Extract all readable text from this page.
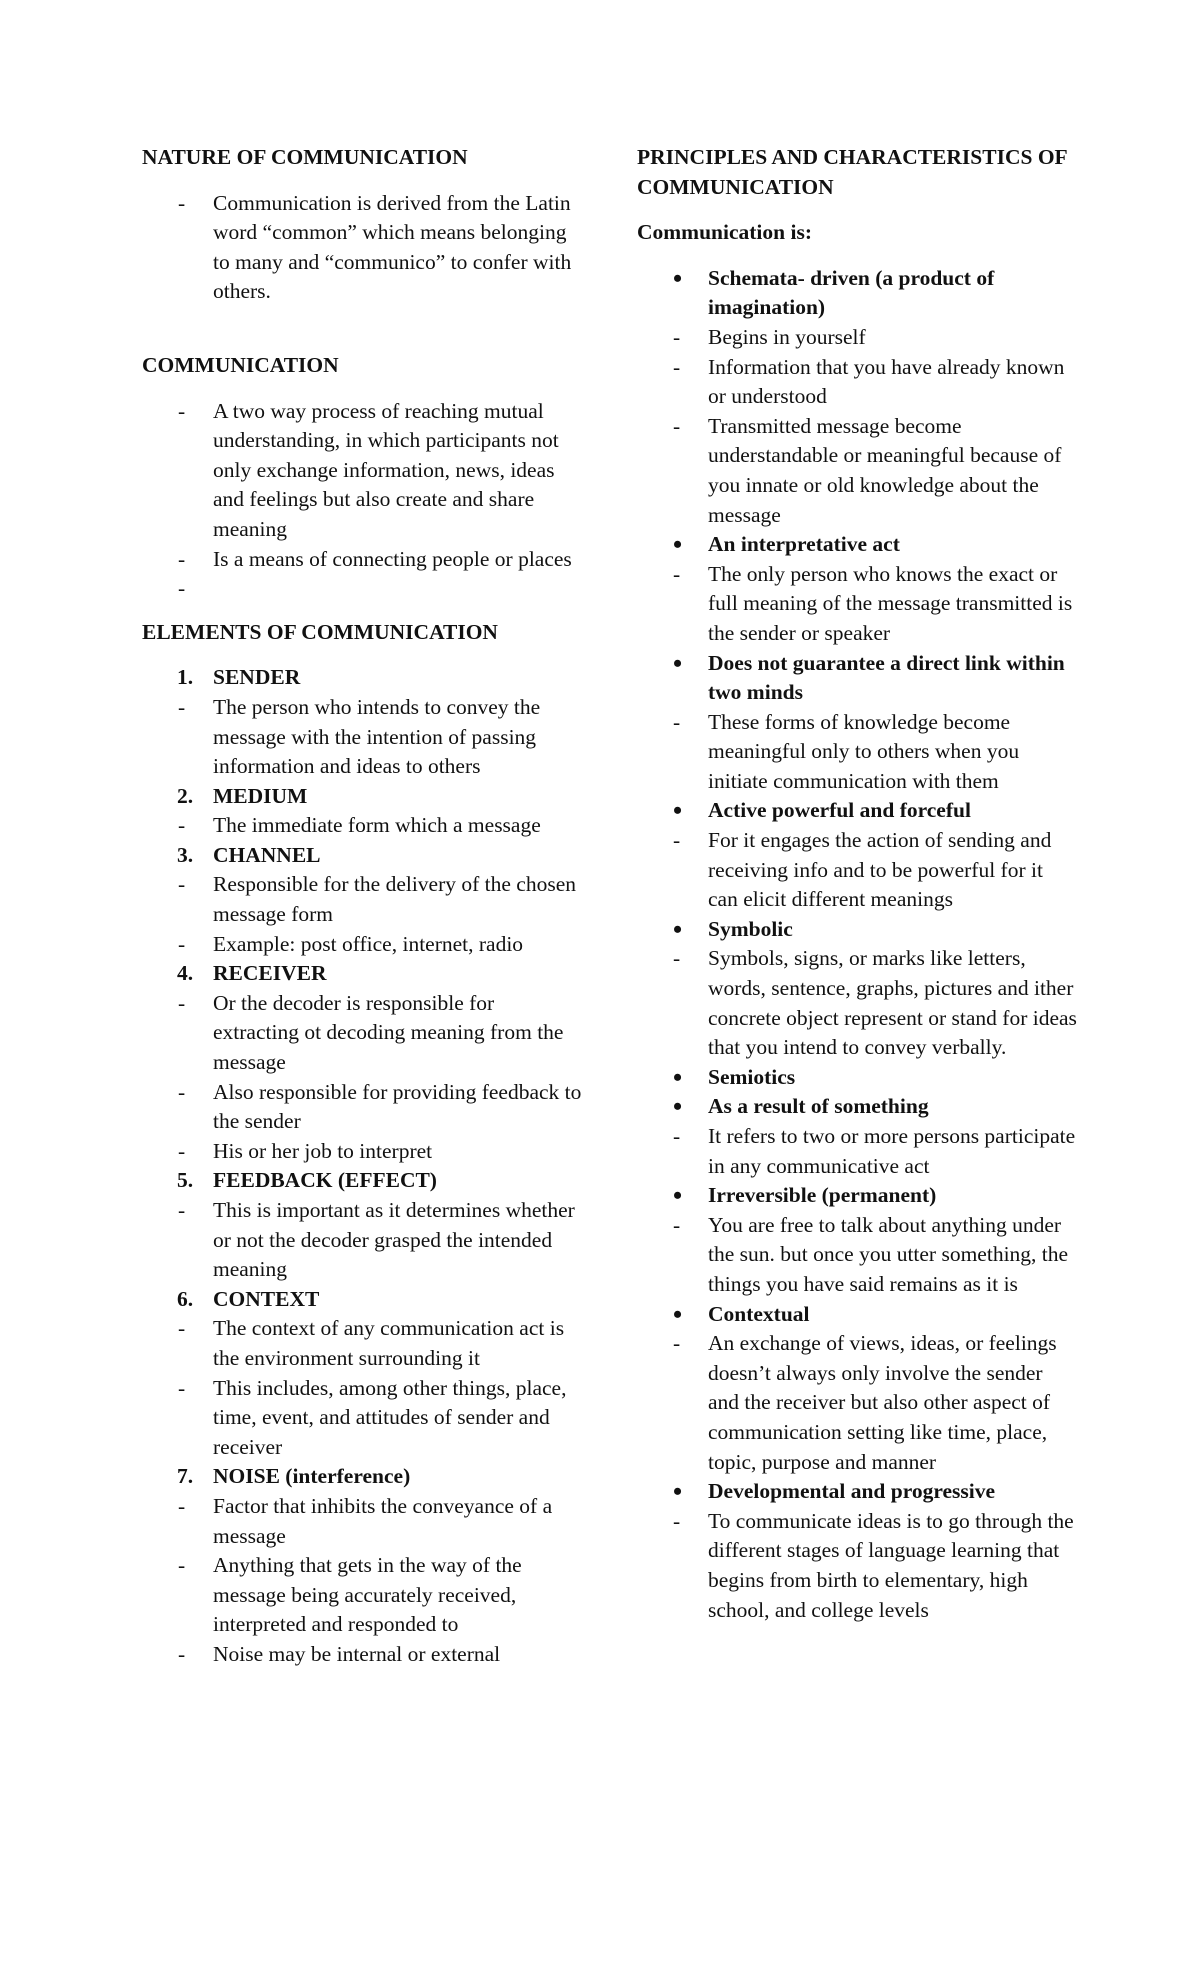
NATURE OF COMMUNICATION

-	Communication is derived from the Latin word “common” which means belonging to many and “communico” to confer with others.

COMMUNICATION

-	A two way process of reaching mutual understanding, in which participants not only exchange information, news, ideas and feelings but also create and share meaning
-	Is a means of connecting people or places
-

ELEMENTS OF COMMUNICATION

1. SENDER
-	The person who intends to convey the message with the intention of passing information and ideas to others
2. MEDIUM
-	The immediate form which a message
3. CHANNEL
-	Responsible for the delivery of the chosen message form
-	Example: post office, internet, radio
4. RECEIVER
-	Or the decoder is responsible for extracting ot decoding meaning from the message
-	Also responsible for providing feedback to the sender
-	His or her job to interpret
5. FEEDBACK (EFFECT)
-	This is important as it determines whether or not the decoder grasped the intended meaning
6. CONTEXT
-	The context of any communication act is the environment surrounding it
-	This includes, among other things, place, time, event, and attitudes of sender and receiver
7. NOISE (interference)
-	Factor that inhibits the conveyance of a message
-	Anything that gets in the way of the message being accurately received, interpreted and responded to
-	Noise may be internal or external

PRINCIPLES AND CHARACTERISTICS OF COMMUNICATION

Communication is:

•	Schemata- driven (a product of imagination)
-	Begins in yourself
-	Information that you have already known or understood
-	Transmitted message become understandable or meaningful because of you innate or old knowledge about the message
•	An interpretative act
-	The only person who knows the exact or full meaning of the message transmitted is the sender or speaker
•	Does not guarantee a direct link within two minds
-	These forms of knowledge become meaningful only to others when you initiate communication with them
•	Active powerful and forceful
-	For it engages the action of sending and receiving info and to be powerful for it can elicit different meanings
•	Symbolic
-	Symbols, signs, or marks like letters, words, sentence, graphs, pictures and ither concrete object represent or stand for ideas that you intend to convey verbally.
•	Semiotics
•	As a result of something
-	It refers to two or more persons participate in any communicative act
•	Irreversible (permanent)
-	You are free to talk about anything under the sun. but once you utter something, the things you have said remains as it is
•	Contextual
-	An exchange of views, ideas, or feelings doesn’t always only involve the sender and the receiver but also other aspect of communication setting like time, place, topic, purpose and manner
•	Developmental and progressive
-	To communicate ideas is to go through the different stages of language learning that begins from birth to elementary, high school, and college levels
